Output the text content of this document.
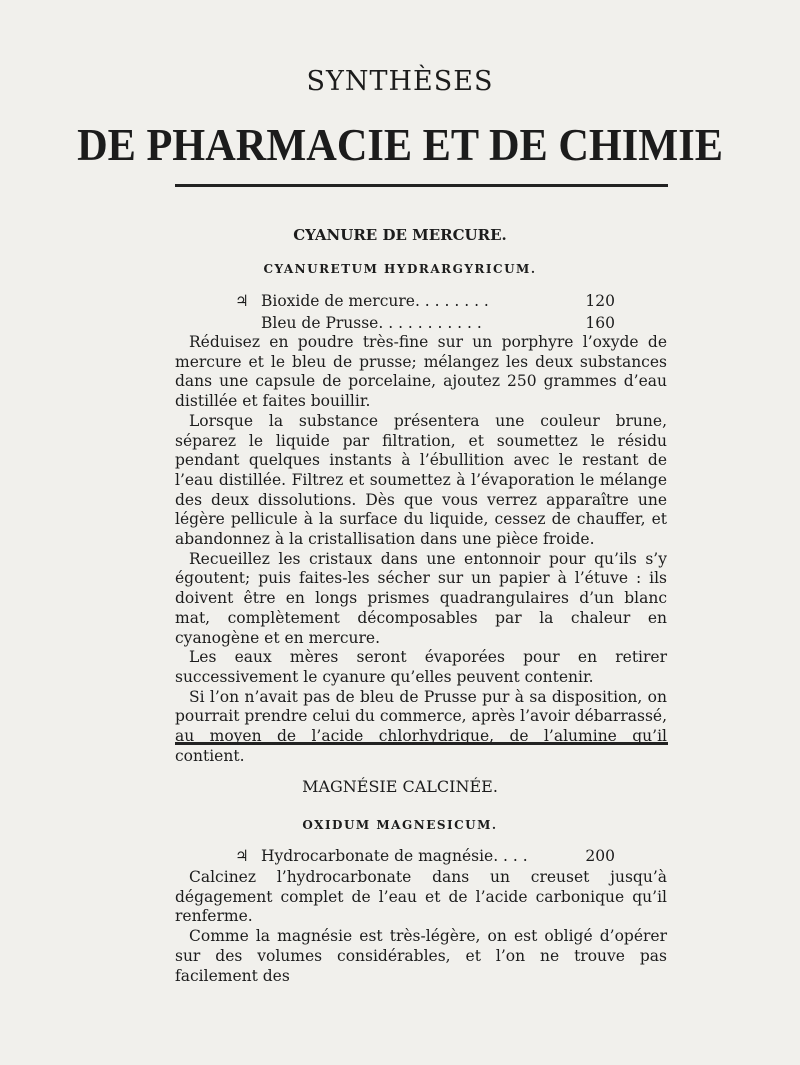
SYNTHÈSES
DE PHARMACIE ET DE CHIMIE
CYANURE DE MERCURE.
CYANURETUM HYDRARGYRICUM.
♃ Bioxide de mercure. . . . . . . .	120
Bleu de Prusse. . . . . . . . . . .	160

Réduisez en poudre très-fine sur un porphyre l’oxyde de mercure et le bleu de prusse; mélangez les deux substances dans une capsule de porcelaine, ajoutez 250 grammes d’eau distillée et faites bouillir.

Lorsque la substance présentera une couleur brune, séparez le liquide par filtration, et soumettez le résidu pendant quelques instants à l’ébullition avec le restant de l’eau distillée. Filtrez et soumettez à l’évaporation le mélange des deux dissolutions. Dès que vous verrez apparaître une légère pellicule à la surface du liquide, cessez de chauffer, et abandonnez à la cristallisation dans une pièce froide.

Recueillez les cristaux dans une entonnoir pour qu’ils s’y égoutent; puis faites-les sécher sur un papier à l’étuve : ils doivent être en longs prismes quadrangulaires d’un blanc mat, complètement décomposables par la chaleur en cyanogène et en mercure.

Les eaux mères seront évaporées pour en retirer successivement le cyanure qu’elles peuvent contenir.

Si l’on n’avait pas de bleu de Prusse pur à sa disposition, on pourrait prendre celui du commerce, après l’avoir débarrassé, au moyen de l’acide chlorhydrique, de l’alumine qu’il contient.

MAGNÉSIE CALCINÉE.
OXIDUM MAGNESICUM.
♃ Hydrocarbonate de magnésie. . . .	200

Calcinez l’hydrocarbonate dans un creuset jusqu’à dégagement complet de l’eau et de l’acide carbonique qu’il renferme.

Comme la magnésie est très-légère, on est obligé d’opérer sur des volumes considérables, et l’on ne trouve pas facilement des
